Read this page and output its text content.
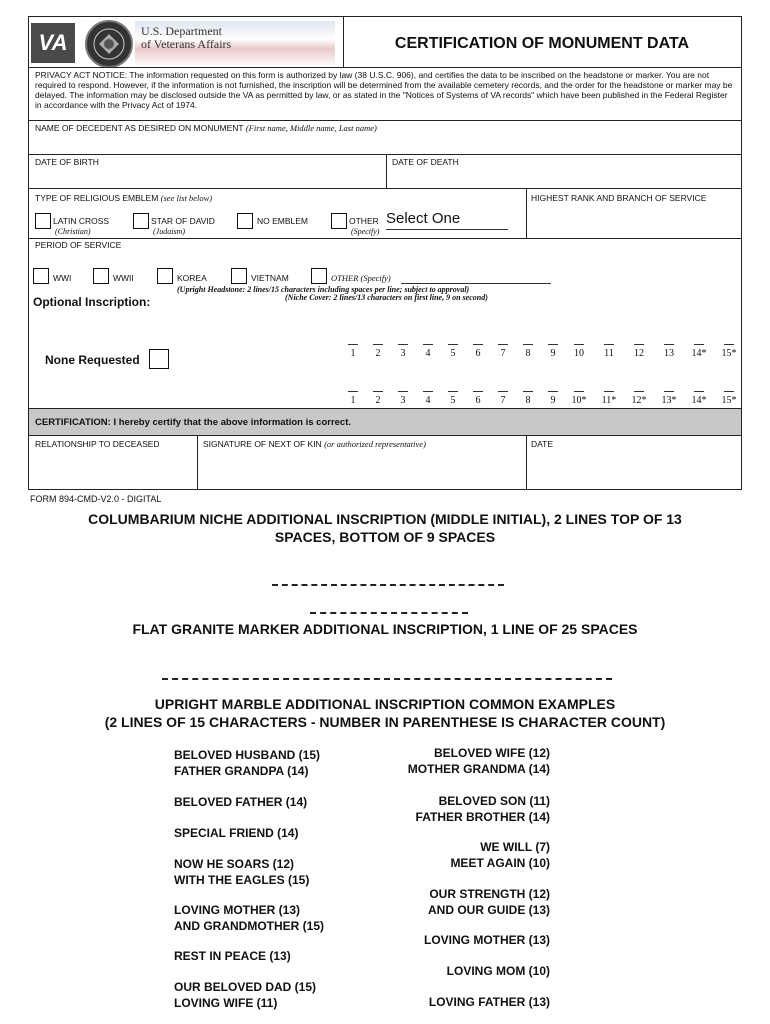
VA	U.S. Department
of Veterans Affairs	CERTIFICATION OF MONUMENT DATA
PRIVACY ACT NOTICE: The information requested on this form is authorized by law (38 U.S.C. 906), and certifies the data to be inscribed on the headstone or marker. You are not required to respond. However, if the information is not furnished, the inscription will be determined from the available cemetery records, and the order for the headstone or marker may be delayed. The information may be disclosed outside the VA as permitted by law, or as stated in the "Notices of Systems of VA records" which have been published in the Federal Register in accordance with the Privacy Act of 1974.
NAME OF DECEDENT AS DESIRED ON MONUMENT (First name, Middle name, Last name)
DATE OF BIRTH	DATE OF DEATH
TYPE OF RELIGIOUS EMBLEM (see list below)	HIGHEST RANK AND BRANCH OF SERVICE
LATIN CROSS
(Christian)
STAR OF DAVID
(Judaism)
NO EMBLEM	OTHER
(Specify)
Select One
PERIOD OF SERVICE
WWI	WWII	KOREA	VIETNAM	OTHER (Specify)
(Upright Headstone: 2 lines/15 characters including spaces per line; subject to approval)
(Niche Cover: 2 lines/13 characters on first line, 9 on second)
Optional Inscription:
None Requested	1	2	3	4	5	6	7	8	9	10	11	12	13	14*	15*
1	2	3	4	5	6	7	8	9	10*	11*	12*	13*	14*	15*
CERTIFICATION: I hereby certify that the above information is correct.
RELATIONSHIP TO DECEASED	SIGNATURE OF NEXT OF KIN (or authorized representative)	DATE
FORM 894-CMD-V2.0 - DIGITAL
COLUMBARIUM NICHE ADDITIONAL INSCRIPTION (MIDDLE INITIAL), 2 LINES TOP OF 13
SPACES, BOTTOM OF 9 SPACES
FLAT GRANITE MARKER ADDITIONAL INSCRIPTION, 1 LINE OF 25 SPACES
UPRIGHT MARBLE ADDITIONAL INSCRIPTION COMMON EXAMPLES
(2 LINES OF 15 CHARACTERS - NUMBER IN PARENTHESE IS CHARACTER COUNT)
BELOVED HUSBAND (15)
FATHER GRANDPA (14)
BELOVED FATHER (14)
SPECIAL FRIEND (14)
NOW HE SOARS (12)
WITH THE EAGLES (15)
LOVING MOTHER (13)
AND GRANDMOTHER (15)
REST IN PEACE (13)
OUR BELOVED DAD (15)
LOVING WIFE (11)
BELOVED WIFE (12)
MOTHER GRANDMA (14)
BELOVED SON (11)
FATHER BROTHER (14)
WE WILL (7)
MEET AGAIN (10)
OUR STRENGTH (12)
AND OUR GUIDE (13)
LOVING MOTHER (13)
LOVING MOM (10)
LOVING FATHER (13)
